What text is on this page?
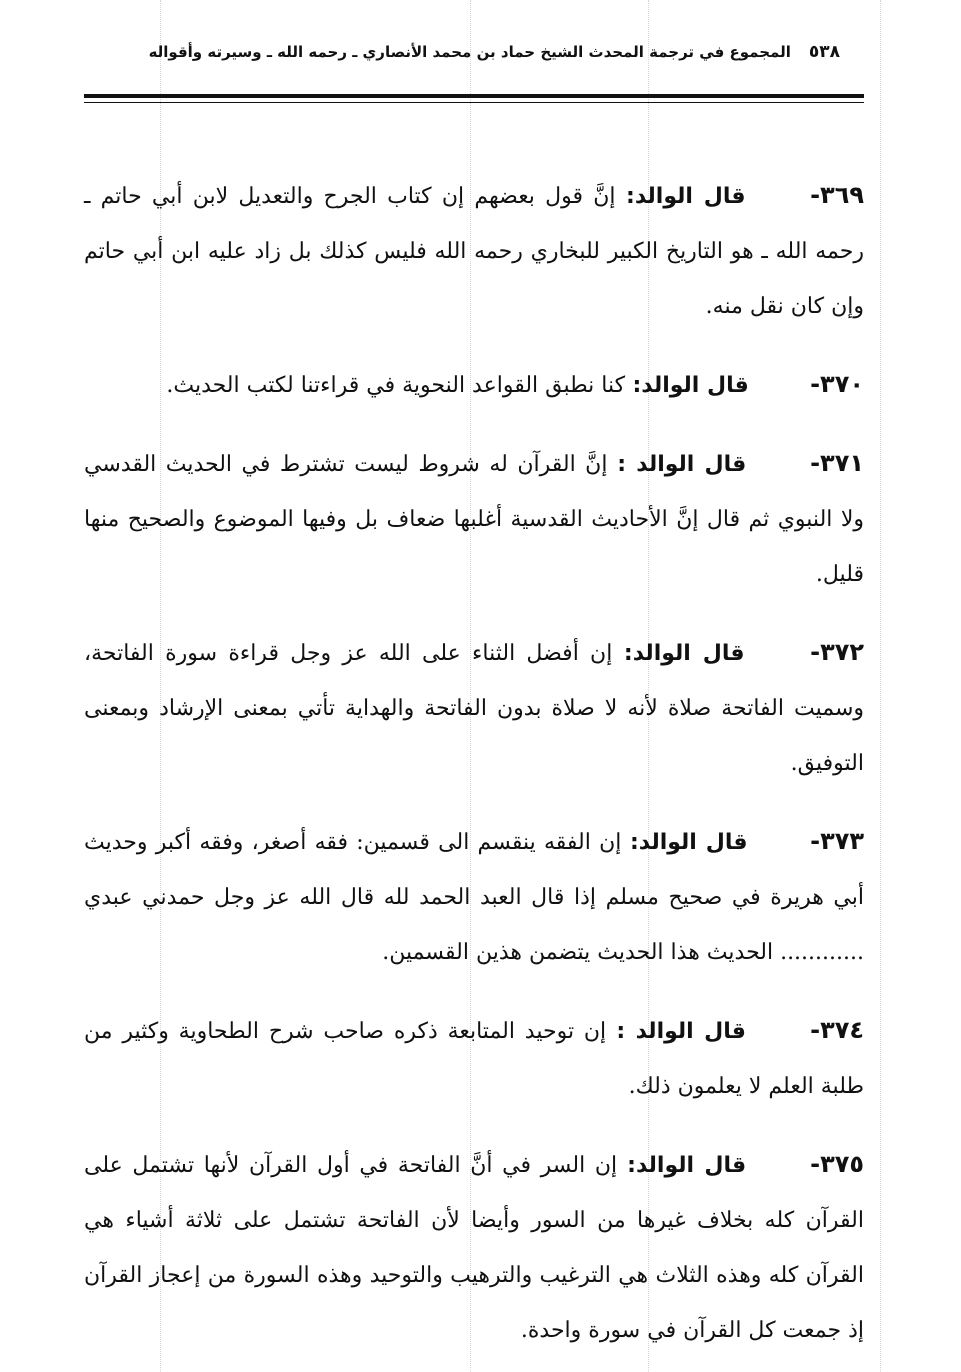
٥٣٨
المجموع في ترجمة المحدث الشيخ حماد بن محمد الأنصاري ـ رحمه الله ـ وسيرته وأقواله

٣٦٩- قال الوالد: إنَّ قول بعضهم إن كتاب الجرح والتعديل لابن أبي حاتم ـ رحمه الله ـ هو التاريخ الكبير للبخاري رحمه الله فليس كذلك بل زاد عليه ابن أبي حاتم وإن كان نقل منه.

٣٧٠- قال الوالد: كنا نطبق القواعد النحوية في قراءتنا لكتب الحديث.

٣٧١- قال الوالد : إنَّ القرآن له شروط ليست تشترط في الحديث القدسي ولا النبوي ثم قال إنَّ الأحاديث القدسية أغلبها ضعاف بل وفيها الموضوع والصحيح منها قليل.

٣٧٢- قال الوالد: إن أفضل الثناء على الله عز وجل قراءة سورة الفاتحة، وسميت الفاتحة صلاة لأنه لا صلاة بدون الفاتحة والهداية تأتي بمعنى الإرشاد وبمعنى التوفيق.

٣٧٣- قال الوالد: إن الفقه ينقسم الى قسمين: فقه أصغر، وفقه أكبر وحديث أبي هريرة في صحيح مسلم إذا قال العبد الحمد لله قال الله عز وجل حمدني عبدي ............ الحديث هذا الحديث يتضمن هذين القسمين.

٣٧٤- قال الوالد : إن توحيد المتابعة ذكره صاحب شرح الطحاوية وكثير من طلبة العلم لا يعلمون ذلك.

٣٧٥- قال الوالد: إن السر في أنَّ الفاتحة في أول القرآن لأنها تشتمل على القرآن كله بخلاف غيرها من السور وأيضا لأن الفاتحة تشتمل على ثلاثة أشياء هي القرآن كله وهذه الثلاث هي الترغيب والترهيب والتوحيد وهذه السورة من إعجاز القرآن إذ جمعت كل القرآن في سورة واحدة.
